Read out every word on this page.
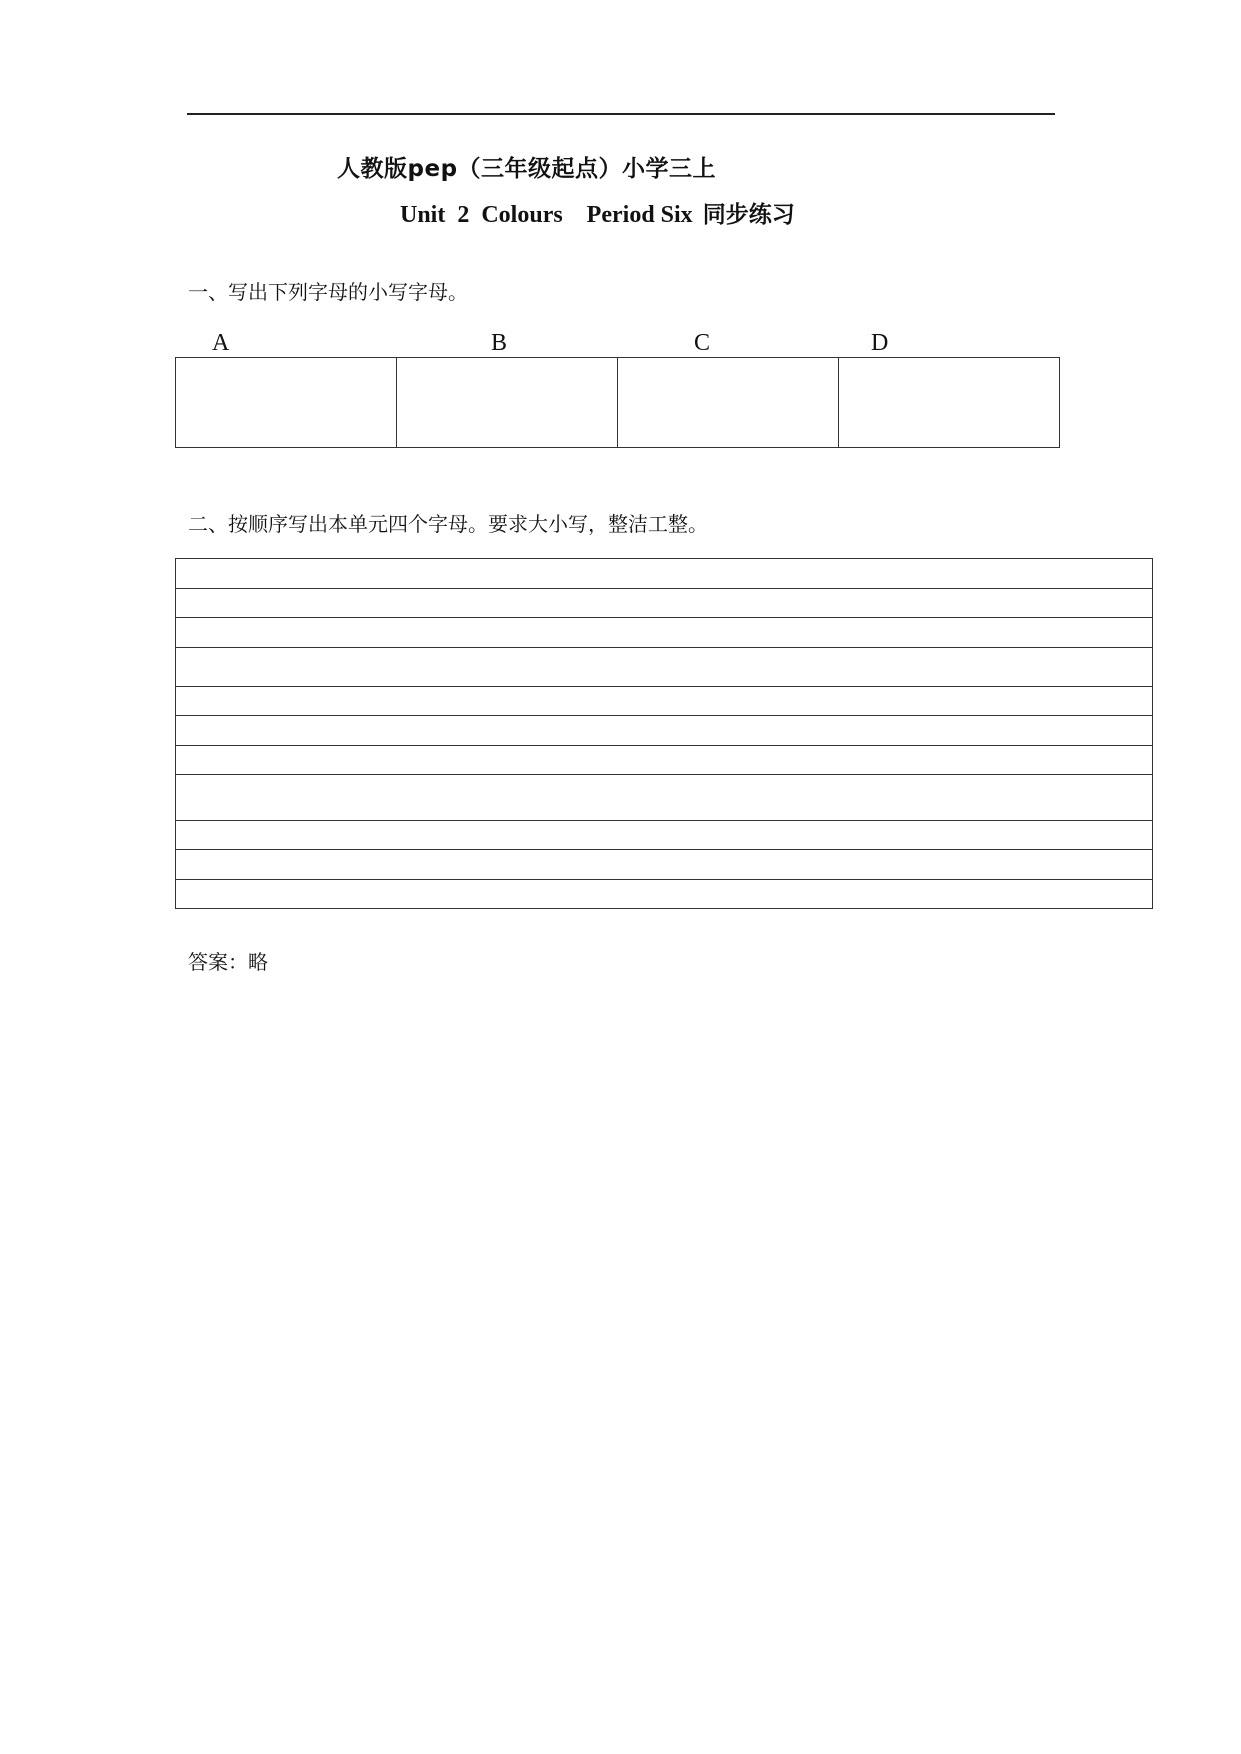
人教版pep（三年级起点）小学三上
Unit  2  Colours    Period Six 同步练习
一、写出下列字母的小写字母。
A	B	C	D
二、按顺序写出本单元四个字母。要求大小写，整洁工整。
答案：略
